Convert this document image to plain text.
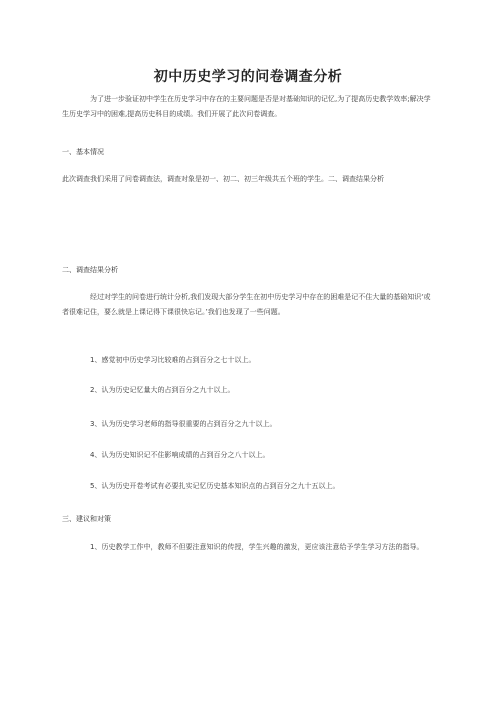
初中历史学习的问卷调查分析
为了进一步验证初中学生在历史学习中存在的主要问题是否是对基础知识的记忆,为了提高历史教学效率;解决学生历史学习中的困难,提高历史科目的成绩。我们开展了此次问卷调查。
一、基本情况
此次调查我们采用了问卷调查法，调查对象是初一、初二、初三年级共五个班的学生。二、调查结果分析
二、调查结果分析
经过对学生的问卷进行统计分析,我们发现大部分学生在初中历史学习中存在的困难是记不住大量的基础知识‘或者很难记住，要么就是上课记得下课很快忘记。’我们也发现了一些问题。
1、感觉初中历史学习比较难的占到百分之七十以上。
2、认为历史记忆量大的占到百分之九十以上。
3、认为历史学习老师的指导很重要的占到百分之九十以上。
4、认为历史知识记不住影响成绩的占到百分之八十以上。
5、认为历史开卷考试有必要扎实记忆历史基本知识点的占到百分之九十五以上。
三、建议和对策
1、历史教学工作中，教师不但要注意知识的传授，学生兴趣的激发，更应该注意给予学生学习方法的指导。
